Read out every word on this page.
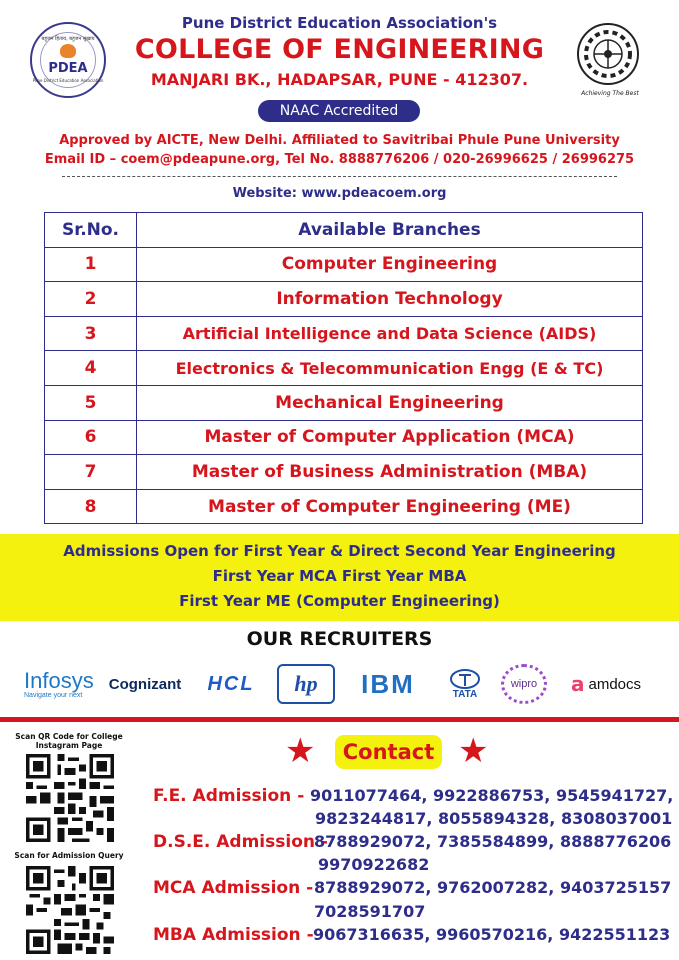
बहुजन हिताय, बहुजन सुखाय
PDEA
Pune District Education Association
Achieving The Best
Pune District Education Association's
COLLEGE OF ENGINEERING
MANJARI BK., HADAPSAR, PUNE - 412307.
NAAC Accredited
Approved by AICTE, New Delhi. Affiliated to Savitribai Phule Pune University
Email ID – coem@pdeapune.org, Tel No. 8888776206 / 020-26996625 / 26996275
Website: www.pdeacoem.org
Sr.No.	Available Branches
1	Computer Engineering
2	Information Technology
3	Artificial Intelligence and Data Science (AIDS)
4	Electronics & Telecommunication Engg (E & TC)
5	Mechanical Engineering
6	Master of Computer Application (MCA)
7	Master of Business Administration (MBA)
8	Master of Computer Engineering (ME)
Admissions Open for First Year & Direct Second Year Engineering
First Year MCA First Year MBA
First Year ME (Computer Engineering)
OUR RECRUITERS
Infosys
Navigate your next
Cognizant	HCL	hp	IBM	TATA
wipro	a amdocs
Scan QR Code for College Instagram Page
Scan for Admission Query
★	Contact ★
F.E. Admission - 9011077464, 9922886753, 9545941727,
9823244817, 8055894328, 8308037001
D.S.E. Admission -
8788929072, 7385584899, 8888776206
9970922682
MCA Admission - 8788929072, 9762007282, 9403725157
7028591707
MBA Admission - 9067316635, 9960570216, 9422551123
